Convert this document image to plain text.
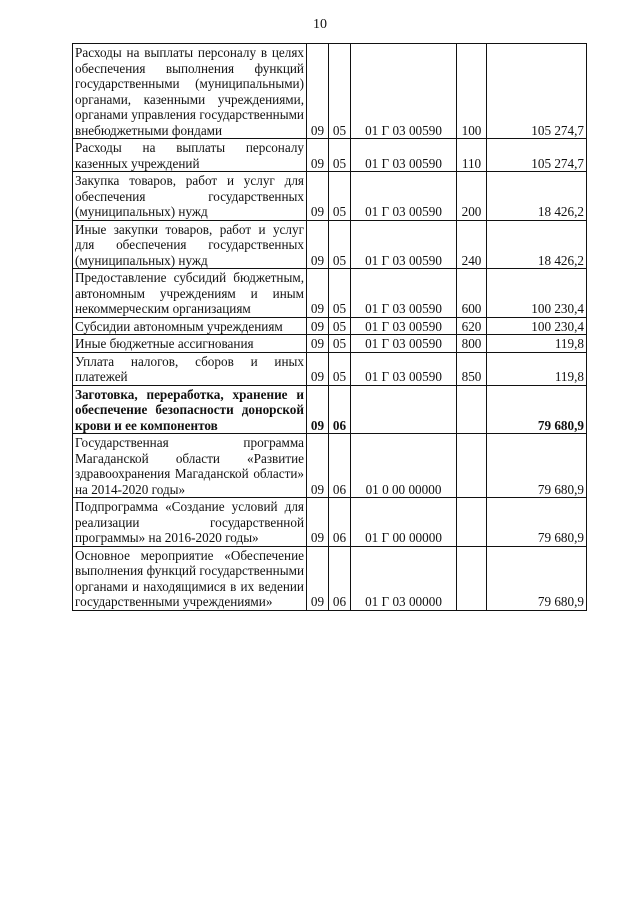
10
Расходы на выплаты персоналу в целях обеспечения выполнения функций государственными (муниципальными) органами, казенными учреждениями, органами управления государственными внебюджетными фондами	09	05	01 Г 03 00590	100	105 274,7
Расходы на выплаты персоналу казенных учреждений	09	05	01 Г 03 00590	110	105 274,7
Закупка товаров, работ и услуг для обеспечения государственных (муниципальных) нужд	09	05	01 Г 03 00590	200	18 426,2
Иные закупки товаров, работ и услуг для обеспечения государственных (муниципальных) нужд	09	05	01 Г 03 00590	240	18 426,2
Предоставление субсидий бюджетным, автономным учреждениям и иным некоммерческим организациям	09	05	01 Г 03 00590	600	100 230,4
Субсидии автономным учреждениям	09	05	01 Г 03 00590	620	100 230,4
Иные бюджетные ассигнования	09	05	01 Г 03 00590	800	119,8
Уплата налогов, сборов и иных платежей	09	05	01 Г 03 00590	850	119,8
Заготовка, переработка, хранение и обеспечение безопасности донорской крови и ее компонентов	09	06			79 680,9
Государственная программа Магаданской области «Развитие здравоохранения Магаданской области» на 2014-2020 годы»	09	06	01 0 00 00000		79 680,9
Подпрограмма «Создание условий для реализации государственной программы» на 2016-2020 годы»	09	06	01 Г 00 00000		79 680,9
Основное мероприятие «Обеспечение выполнения функций государственными органами и находящимися в их ведении государственными учреждениями»	09	06	01 Г 03 00000		79 680,9
